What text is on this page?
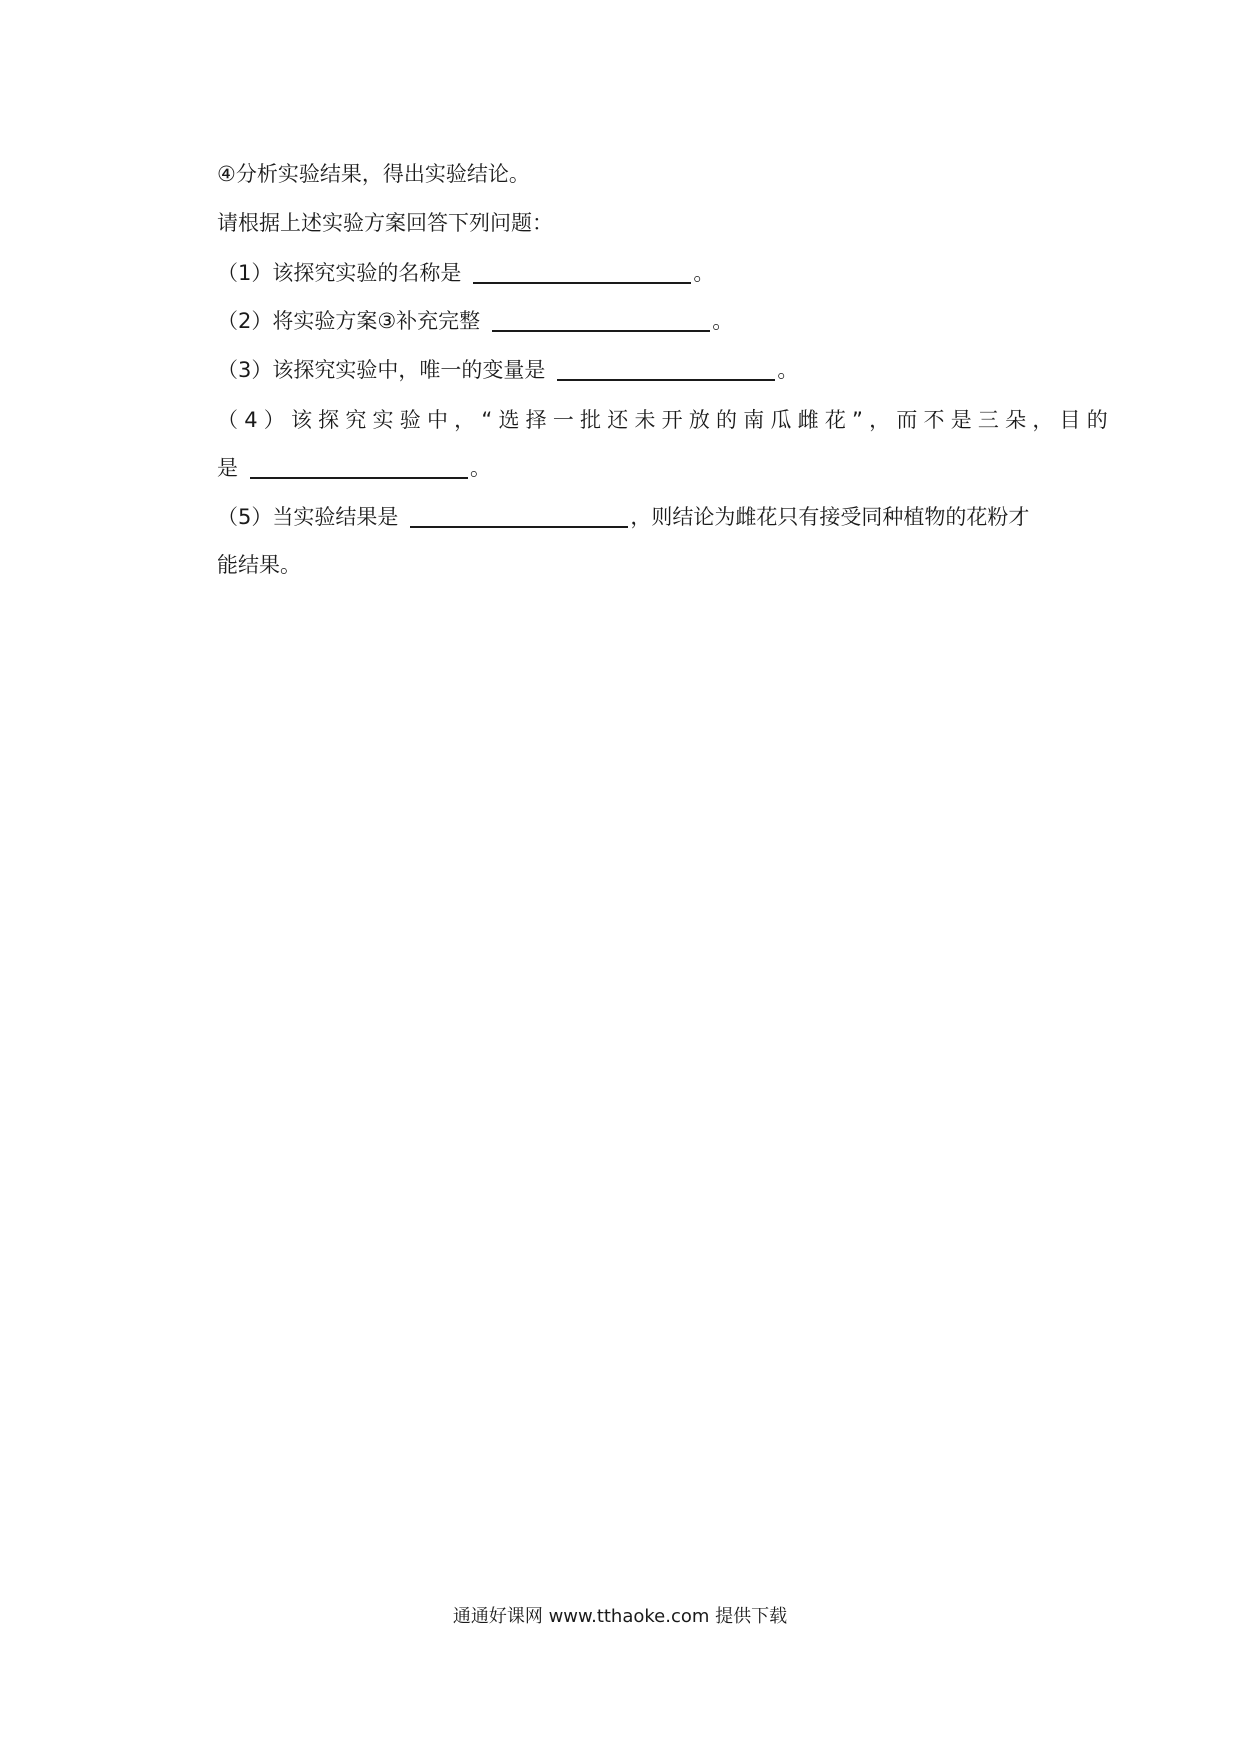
④分析实验结果，得出实验结论。
请根据上述实验方案回答下列问题：
（1）该探究实验的名称是	。
（2）将实验方案③补充完整	。
（3）该探究实验中，唯一的变量是	。
（4）该探究实验中，“选择一批还未开放的南瓜雌花”，而不是三朵，目的
是	。
（5）当实验结果是	，则结论为雌花只有接受同种植物的花粉才
能结果。
通通好课网 www.tthaoke.com 提供下载
